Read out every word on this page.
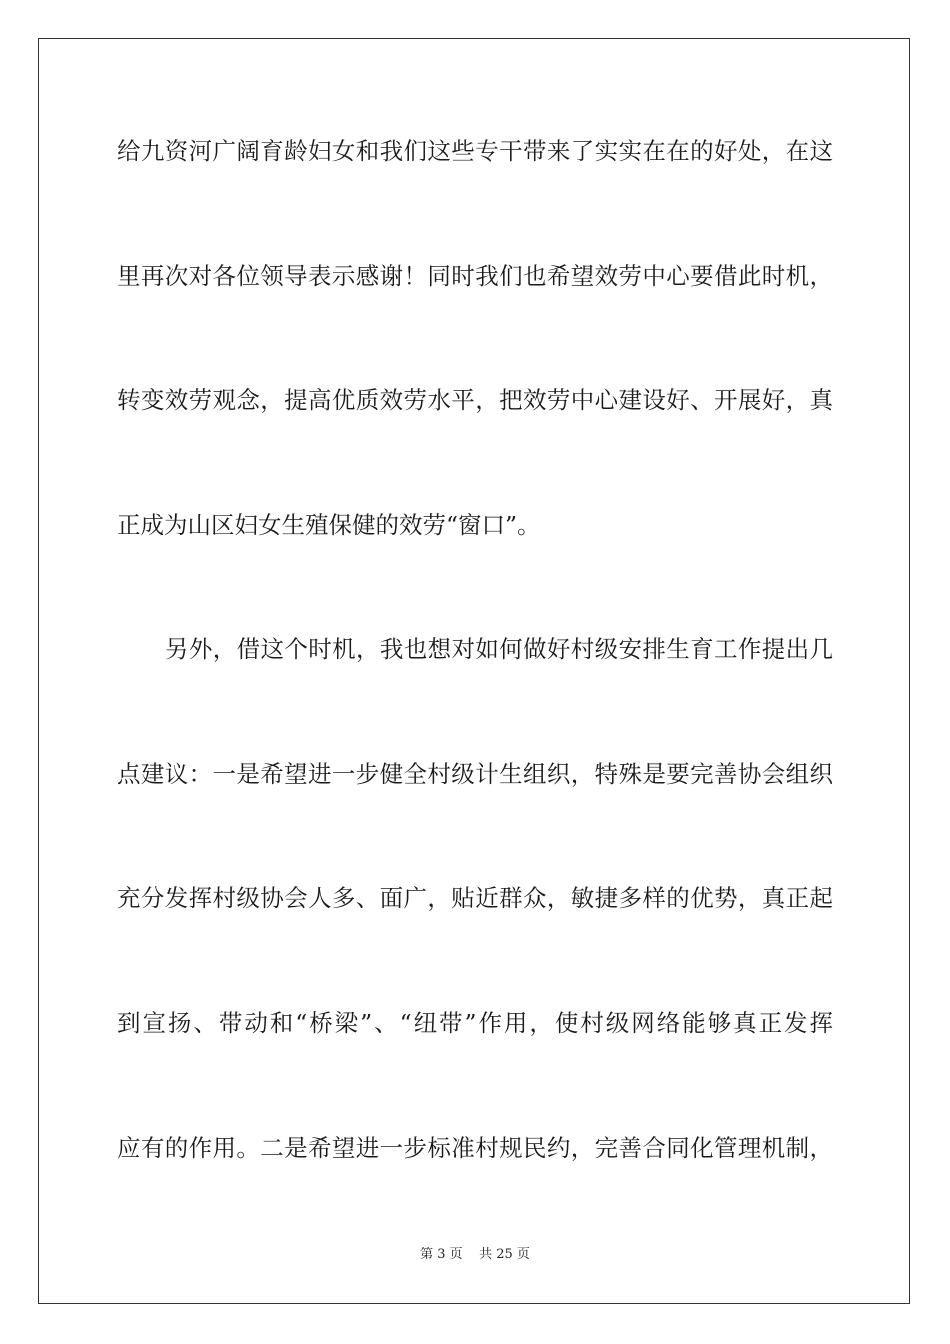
给九资河广阔育龄妇女和我们这些专干带来了实实在在的好处，在这
里再次对各位领导表示感谢！同时我们也希望效劳中心要借此时机，
转变效劳观念，提高优质效劳水平，把效劳中心建设好、开展好，真
正成为山区妇女生殖保健的效劳“窗口”。
另外，借这个时机，我也想对如何做好村级安排生育工作提出几
点建议：一是希望进一步健全村级计生组织，特殊是要完善协会组织
充分发挥村级协会人多、面广，贴近群众，敏捷多样的优势，真正起
到宣扬、带动和“桥梁”、“纽带”作用，使村级网络能够真正发挥
应有的作用。二是希望进一步标准村规民约，完善合同化管理机制，
第 3 页    共 25 页
